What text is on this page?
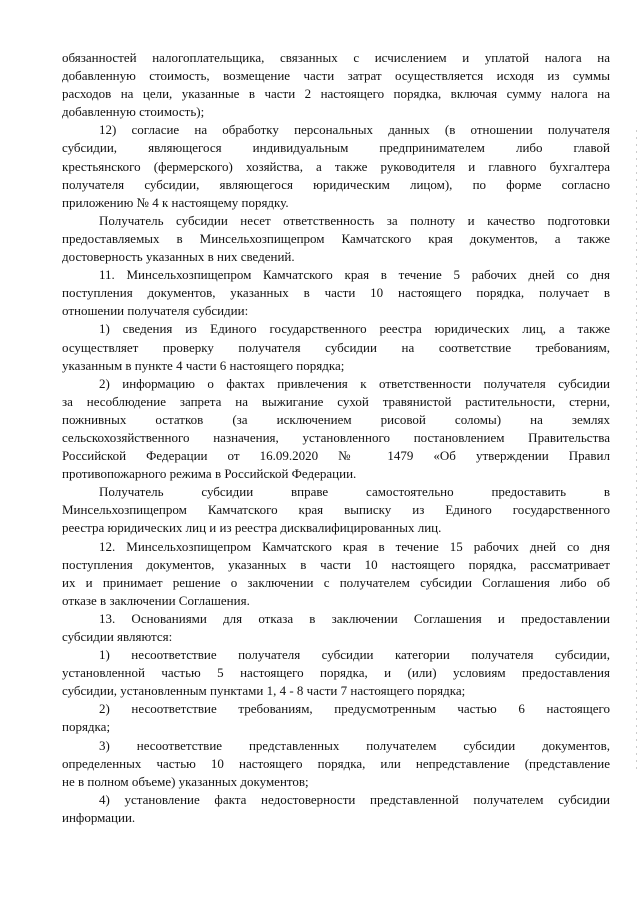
обязанностей налогоплательщика, связанных с исчислением и уплатой налога на
добавленную стоимость, возмещение части затрат осуществляется исходя из суммы
расходов на цели, указанные в части 2 настоящего порядка, включая сумму налога на
добавленную стоимость);
12) согласие на обработку персональных данных (в отношении получателя
субсидии, являющегося индивидуальным предпринимателем либо главой
крестьянского (фермерского) хозяйства, а также руководителя и главного бухгалтера
получателя субсидии, являющегося юридическим лицом), по форме согласно
приложению № 4 к настоящему порядку.
Получатель субсидии несет ответственность за полноту и качество подготовки
предоставляемых в Минсельхозпищепром Камчатского края документов, а также
достоверность указанных в них сведений.
11. Минсельхозпищепром Камчатского края в течение 5 рабочих дней со дня
поступления документов, указанных в части 10 настоящего порядка, получает в
отношении получателя субсидии:
1) сведения из Единого государственного реестра юридических лиц, а также
осуществляет проверку получателя субсидии на соответствие требованиям,
указанным в пункте 4 части 6 настоящего порядка;
2) информацию о фактах привлечения к ответственности получателя субсидии
за несоблюдение запрета на выжигание сухой травянистой растительности, стерни,
пожнивных остатков (за исключением рисовой соломы) на землях
сельскохозяйственного назначения, установленного постановлением Правительства
Российской Федерации от 16.09.2020 № 1479 «Об утверждении Правил
противопожарного режима в Российской Федерации.
Получатель субсидии вправе самостоятельно предоставить в
Минсельхозпищепром Камчатского края выписку из Единого государственного
реестра юридических лиц и из реестра дисквалифицированных лиц.
12. Минсельхозпищепром Камчатского края в течение 15 рабочих дней со дня
поступления документов, указанных в части 10 настоящего порядка, рассматривает
их и принимает решение о заключении с получателем субсидии Соглашения либо об
отказе в заключении Соглашения.
13. Основаниями для отказа в заключении Соглашения и предоставлении
субсидии являются:
1) несоответствие получателя субсидии категории получателя субсидии,
установленной частью 5 настоящего порядка, и (или) условиям предоставления
субсидии, установленным пунктами 1, 4 - 8 части 7 настоящего порядка;
2) несоответствие требованиям, предусмотренным частью 6 настоящего
порядка;
3) несоответствие представленных получателем субсидии документов,
определенных частью 10 настоящего порядка, или непредставление (представление
не в полном объеме) указанных документов;
4) установление факта недостоверности представленной получателем субсидии
информации.
